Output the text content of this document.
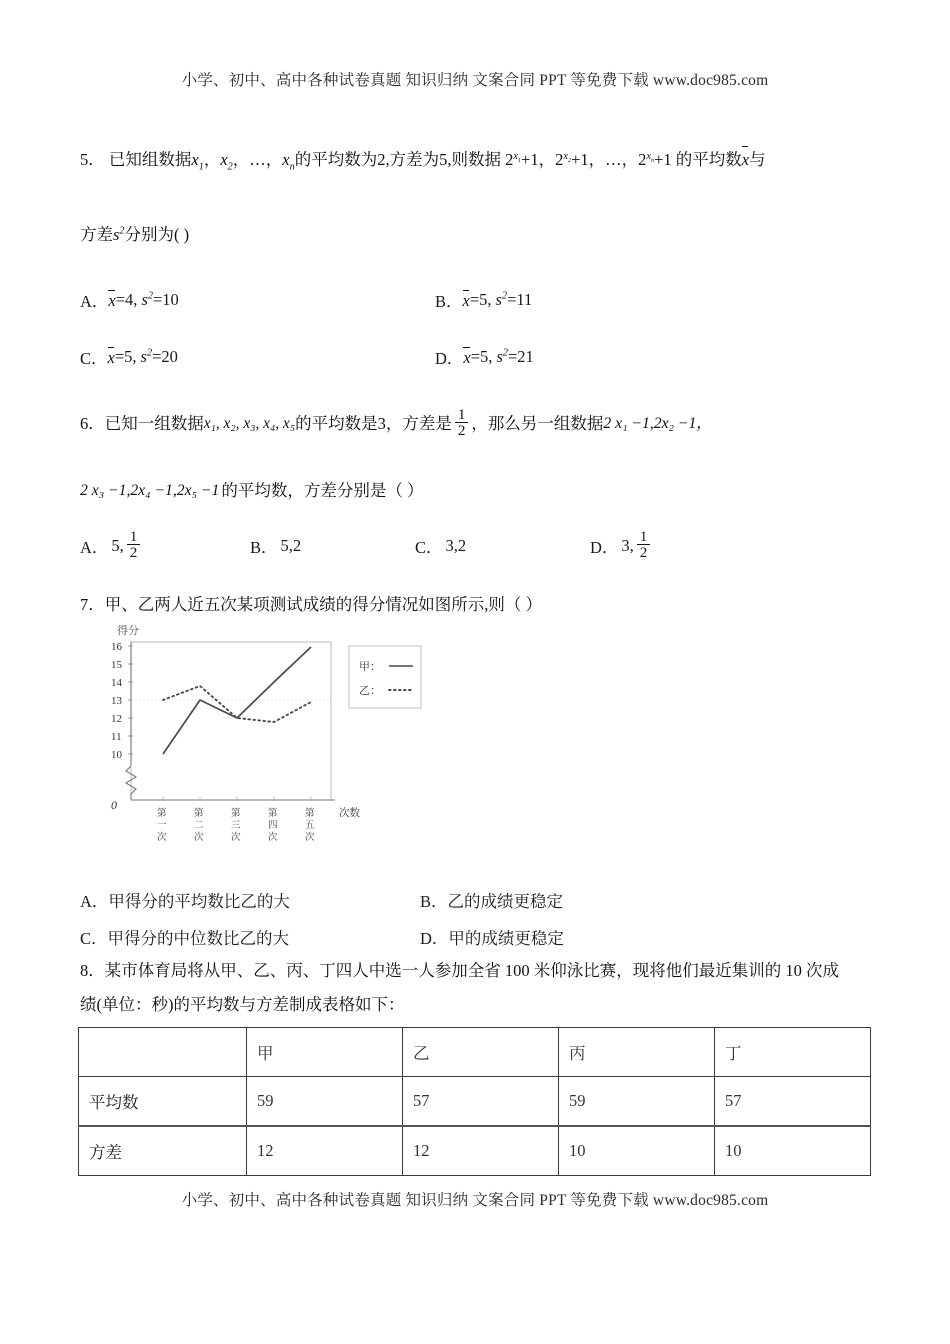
小学、初中、高中各种试卷真题 知识归纳 文案合同 PPT 等免费下载 www.doc985.com
5． 已知组数据$x_1$，$x_2$，…，$x_n$的平均数为2,方差为5,则数据 $2^{x_1}+1$，$2^{x_2}+1$，…，$2^{x_n}+1$ 的平均数x与
方差$s^2$分别为( )
A． x =4, $s^2 =10$	B． x =5, $s^2 =11$
C． x =5, $s^2 =20$	D． x =5, $s^2 =21$
6． 已知一组数据 x₁, x₂, x₃, x₄, x₅ 的平均数是3，方差是 $\frac{1}{2}$ ，那么另一组数据 2 x₁ −1,2x₂ −1，
2 x₃ −1,2x₄ −1,2x₅ −1 的平均数，方差分别是（ ）
A． 5, $\frac{1}{2}$	B． 5,2	C． 3,2	D． 3, $\frac{1}{2}$
7．甲、乙两人近五次某项测试成绩的得分情况如图所示,则（ ）
得分
16
15
14
13
12
11
10
0
第
一
次
第
二
次
第
三
次
第
四
次
第
五
次
次数
甲：
乙：
A．甲得分的平均数比乙的大	B．乙的成绩更稳定
C．甲得分的中位数比乙的大	D．甲的成绩更稳定
8．某市体育局将从甲、乙、丙、丁四人中选一人参加全省 100 米仰泳比赛，现将他们最近集训的 10 次成
绩(单位：秒)的平均数与方差制成表格如下：
	甲	乙	丙	丁
平均数	59	57	59	57
方差	12	12	10	10
小学、初中、高中各种试卷真题 知识归纳 文案合同 PPT 等免费下载 www.doc985.com
